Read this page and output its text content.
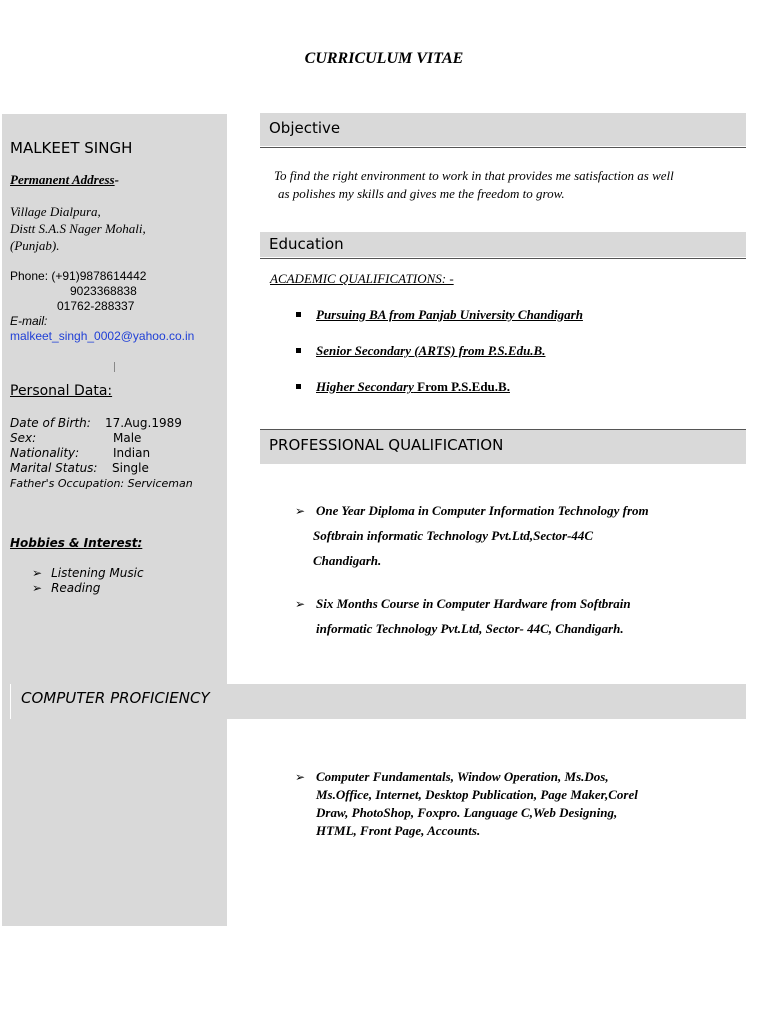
CURRICULUM VITAE
MALKEET SINGH
Permanent Address-
Village Dialpura,
Distt S.A.S Nager Mohali,
(Punjab).
Phone: (+91)9878614442
9023368838
01762-288337
E-mail:
malkeet_singh_0002@yahoo.co.in
Personal Data:
Date of Birth: 17.Aug.1989
Sex:	Male
Nationality:	Indian
Marital Status: Single
Father's Occupation: Serviceman
Hobbies & Interest:
➢ Listening Music
➢ Reading
Objective
To find the right environment to work in that provides me satisfaction as well
as polishes my skills and gives me the freedom to grow.
Education
ACADEMIC QUALIFICATIONS: -
Pursuing BA from Panjab University Chandigarh
Senior Secondary (ARTS) from P.S.Edu.B.
Higher Secondary From P.S.Edu.B.
PROFESSIONAL QUALIFICATION
➢ One Year Diploma in Computer Information Technology from
Softbrain informatic Technology Pvt.Ltd,Sector-44C
Chandigarh.
➢ Six Months Course in Computer Hardware from Softbrain
informatic Technology Pvt.Ltd, Sector- 44C, Chandigarh.
COMPUTER PROFICIENCY
➢ Computer Fundamentals, Window Operation, Ms.Dos,
Ms.Office, Internet, Desktop Publication, Page Maker,Corel
Draw, PhotoShop, Foxpro. Language C,Web Designing,
HTML, Front Page, Accounts.
